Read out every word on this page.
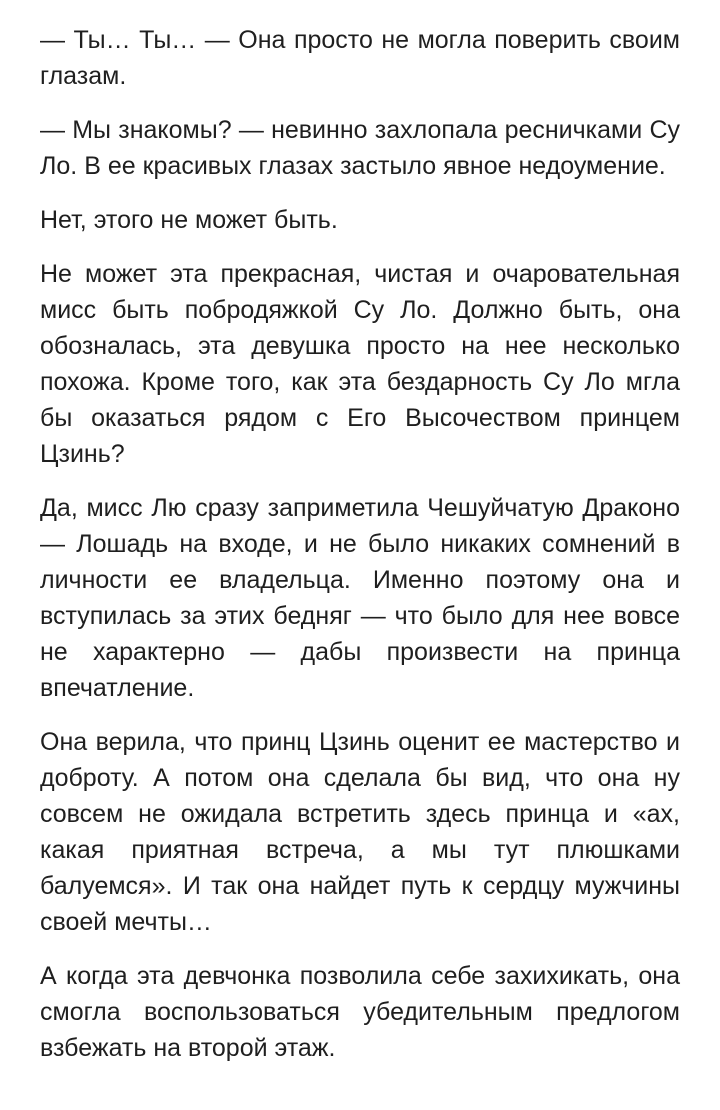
— Ты… Ты… — Она просто не могла поверить своим глазам.

— Мы знакомы? — невинно захлопала ресничками Су Ло. В ее красивых глазах застыло явное недоумение.

Нет, этого не может быть.

Не может эта прекрасная, чистая и очаровательная мисс быть побродяжкой Су Ло. Должно быть, она обозналась, эта девушка просто на нее несколько похожа. Кроме того, как эта бездарность Су Ло мгла бы оказаться рядом с Его Высочеством принцем Цзинь?

Да, мисс Лю сразу заприметила Чешуйчатую Драконо — Лошадь на входе, и не было никаких сомнений в личности ее владельца. Именно поэтому она и вступилась за этих бедняг — что было для нее вовсе не характерно — дабы произвести на принца впечатление.

Она верила, что принц Цзинь оценит ее мастерство и доброту. А потом она сделала бы вид, что она ну совсем не ожидала встретить здесь принца и «ах, какая приятная встреча, а мы тут плюшками балуемся». И так она найдет путь к сердцу мужчины своей мечты…

А когда эта девчонка позволила себе захихикать, она смогла воспользоваться убедительным предлогом взбежать на второй этаж.
